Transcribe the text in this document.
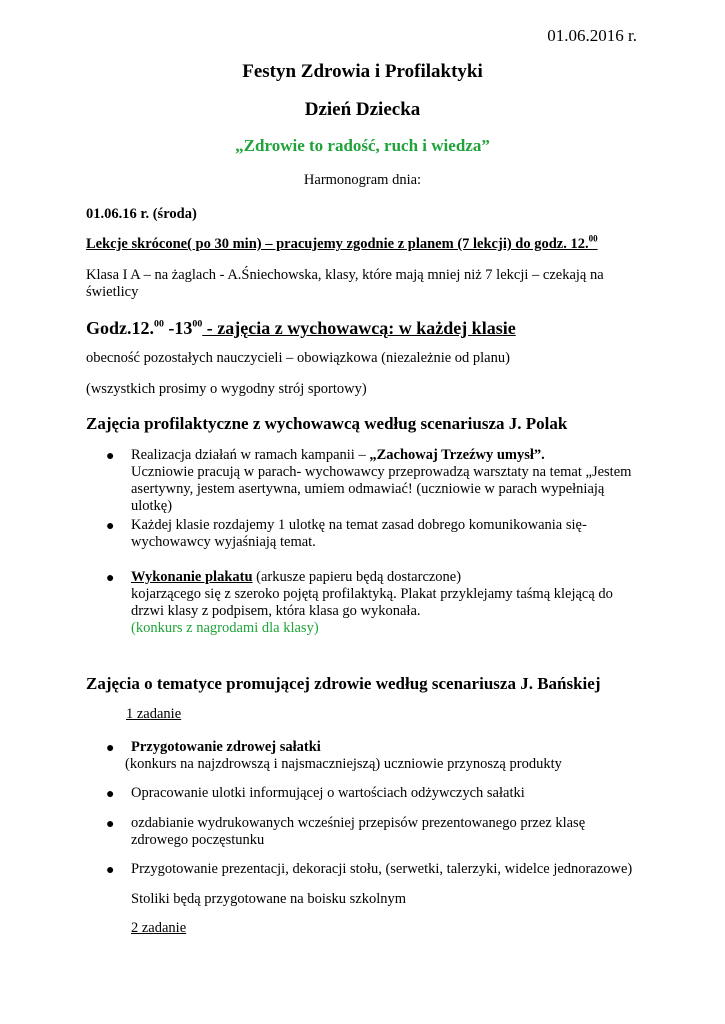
01.06.2016 r.
Festyn Zdrowia i Profilaktyki
Dzień Dziecka
„Zdrowie to radość, ruch i wiedza”
Harmonogram dnia:
01.06.16 r. (środa)
Lekcje skrócone( po 30 min) – pracujemy zgodnie z planem (7 lekcji) do godz. 12.00
Klasa I A – na żaglach - A.Śniechowska, klasy, które mają mniej niż 7 lekcji – czekają na
świetlicy
Godz.12.00 $-13^{00}$ - zajęcia z wychowawcą: w każdej klasie
obecność pozostałych nauczycieli – obowiązkowa (niezależnie od planu)
(wszystkich prosimy o wygodny strój sportowy)
Zajęcia profilaktyczne z wychowawcą według scenariusza J. Polak
● Realizacja działań w ramach kampanii – „Zachowaj Trzeźwy umysł”.
Uczniowie pracują w parach- wychowawcy przeprowadzą warsztaty na temat „Jestem
asertywny, jestem asertywna, umiem odmawiać! (uczniowie w parach wypełniają
ulotkę)
● Każdej klasie rozdajemy 1 ulotkę na temat zasad dobrego komunikowania się-
wychowawcy wyjaśniają temat.
● Wykonanie plakatu (arkusze papieru będą dostarczone)
kojarzącego się z szeroko pojętą profilaktyką. Plakat przyklejamy taśmą klejącą do
drzwi klasy z podpisem, która klasa go wykonała.
(konkurs z nagrodami dla klasy)
Zajęcia o tematyce promującej zdrowie według scenariusza J. Bańskiej
1 zadanie
● Przygotowanie zdrowej sałatki
(konkurs na najzdrowszą i najsmaczniejszą) uczniowie przynoszą produkty
● Opracowanie ulotki informującej o wartościach odżywczych sałatki
● ozdabianie wydrukowanych wcześniej przepisów prezentowanego przez klasę
zdrowego poczęstunku
● Przygotowanie prezentacji, dekoracji stołu, (serwetki, talerzyki, widelce jednorazowe)
Stoliki będą przygotowane na boisku szkolnym
2 zadanie
